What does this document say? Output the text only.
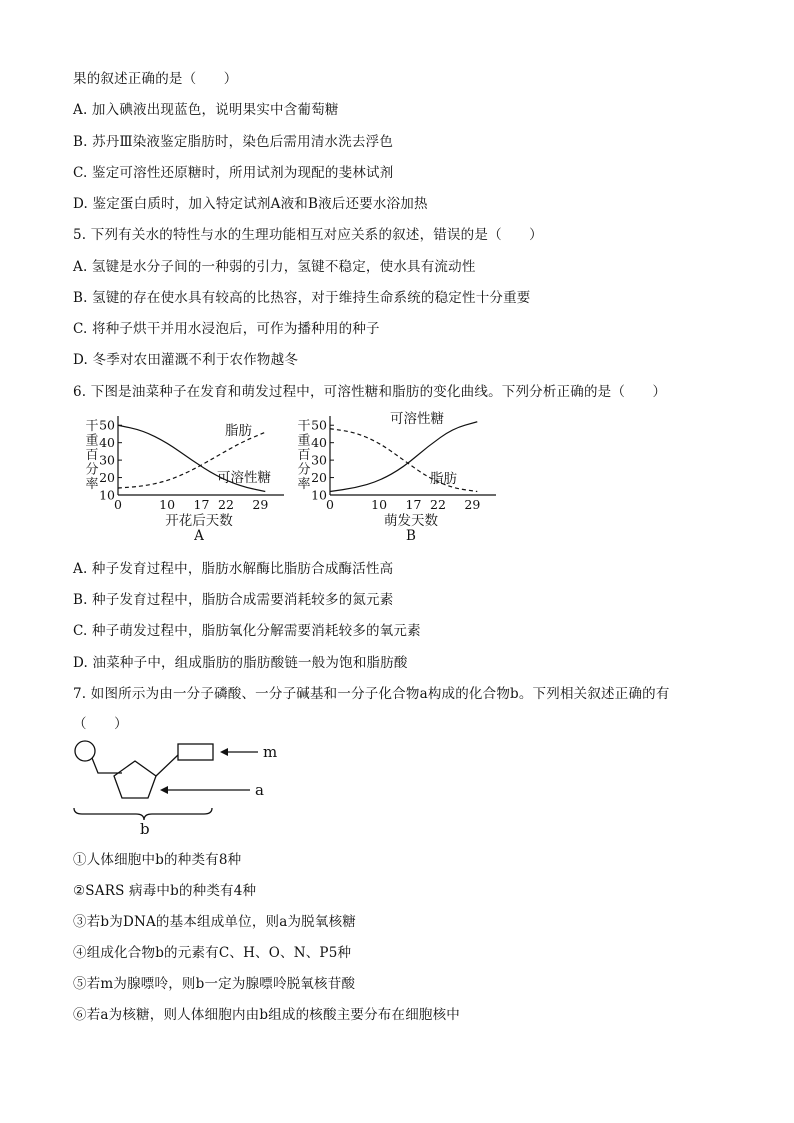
果的叙述正确的是（　　）
A. 加入碘液出现蓝色，说明果实中含葡萄糖
B. 苏丹Ⅲ染液鉴定脂肪时，染色后需用清水洗去浮色
C. 鉴定可溶性还原糖时，所用试剂为现配的斐林试剂
D. 鉴定蛋白质时，加入特定试剂A液和B液后还要水浴加热
5. 下列有关水的特性与水的生理功能相互对应关系的叙述，错误的是（　　）
A. 氢键是水分子间的一种弱的引力，氢键不稳定，使水具有流动性
B. 氢键的存在使水具有较高的比热容，对于维持生命系统的稳定性十分重要
C. 将种子烘干并用水浸泡后，可作为播种用的种子
D. 冬季对农田灌溉不利于农作物越冬
6. 下图是油菜种子在发育和萌发过程中，可溶性糖和脂肪的变化曲线。下列分析正确的是（　　）
10
20
30
40
50
0	10 17 22 29
干
重
百
分
率
开花后天数
A
脂肪
可溶性糖
10
20
30
40
50
0	10 17 22 29
干
重
百
分
率
萌发天数
B
可溶性糖
脂肪
A. 种子发育过程中，脂肪水解酶比脂肪合成酶活性高
B. 种子发育过程中，脂肪合成需要消耗较多的氮元素
C. 种子萌发过程中，脂肪氧化分解需要消耗较多的氧元素
D. 油菜种子中，组成脂肪的脂肪酸链一般为饱和脂肪酸
7. 如图所示为由一分子磷酸、一分子碱基和一分子化合物a构成的化合物b。下列相关叙述正确的有
（　　）
m
a
b
①人体细胞中b的种类有8种
②SARS 病毒中b的种类有4种
③若b为DNA的基本组成单位，则a为脱氧核糖
④组成化合物b的元素有C、H、O、N、P5种
⑤若m为腺嘌呤，则b一定为腺嘌呤脱氧核苷酸
⑥若a为核糖，则人体细胞内由b组成的核酸主要分布在细胞核中
